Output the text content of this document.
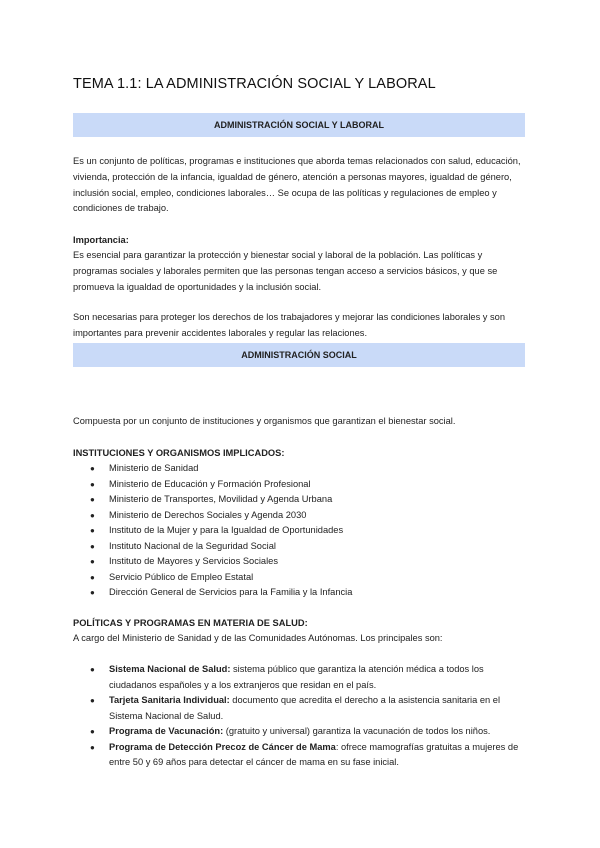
TEMA 1.1: LA ADMINISTRACIÓN SOCIAL Y LABORAL
ADMINISTRACIÓN SOCIAL Y LABORAL

Es un conjunto de políticas, programas e instituciones que aborda temas relacionados con salud, educación, vivienda, protección de la infancia, igualdad de género, atención a personas mayores, igualdad de género, inclusión social, empleo, condiciones laborales… Se ocupa de las políticas y regulaciones de empleo y condiciones de trabajo.

Importancia:

Es esencial para garantizar la protección y bienestar social y laboral de la población. Las políticas y programas sociales y laborales permiten que las personas tengan acceso a servicios básicos, y que se promueva la igualdad de oportunidades y la inclusión social.

Son necesarias para proteger los derechos de los trabajadores y mejorar las condiciones laborales y son importantes para prevenir accidentes laborales y regular las relaciones.

ADMINISTRACIÓN SOCIAL

Compuesta por un conjunto de instituciones y organismos que garantizan el bienestar social.

INSTITUCIONES Y ORGANISMOS IMPLICADOS:

● Ministerio de Sanidad
● Ministerio de Educación y Formación Profesional
● Ministerio de Transportes, Movilidad y Agenda Urbana
● Ministerio de Derechos Sociales y Agenda 2030
● Instituto de la Mujer y para la Igualdad de Oportunidades
● Instituto Nacional de la Seguridad Social
● Instituto de Mayores y Servicios Sociales
● Servicio Público de Empleo Estatal
● Dirección General de Servicios para la Familia y la Infancia

POLÍTICAS Y PROGRAMAS EN MATERIA DE SALUD:

A cargo del Ministerio de Sanidad y de las Comunidades Autónomas. Los principales son:

● Sistema Nacional de Salud: sistema público que garantiza la atención médica a todos los ciudadanos españoles y a los extranjeros que residan en el país.
● Tarjeta Sanitaria Individual: documento que acredita el derecho a la asistencia sanitaria en el Sistema Nacional de Salud.
● Programa de Vacunación: (gratuito y universal) garantiza la vacunación de todos los niños.
● Programa de Detección Precoz de Cáncer de Mama: ofrece mamografías gratuitas a mujeres de entre 50 y 69 años para detectar el cáncer de mama en su fase inicial.
